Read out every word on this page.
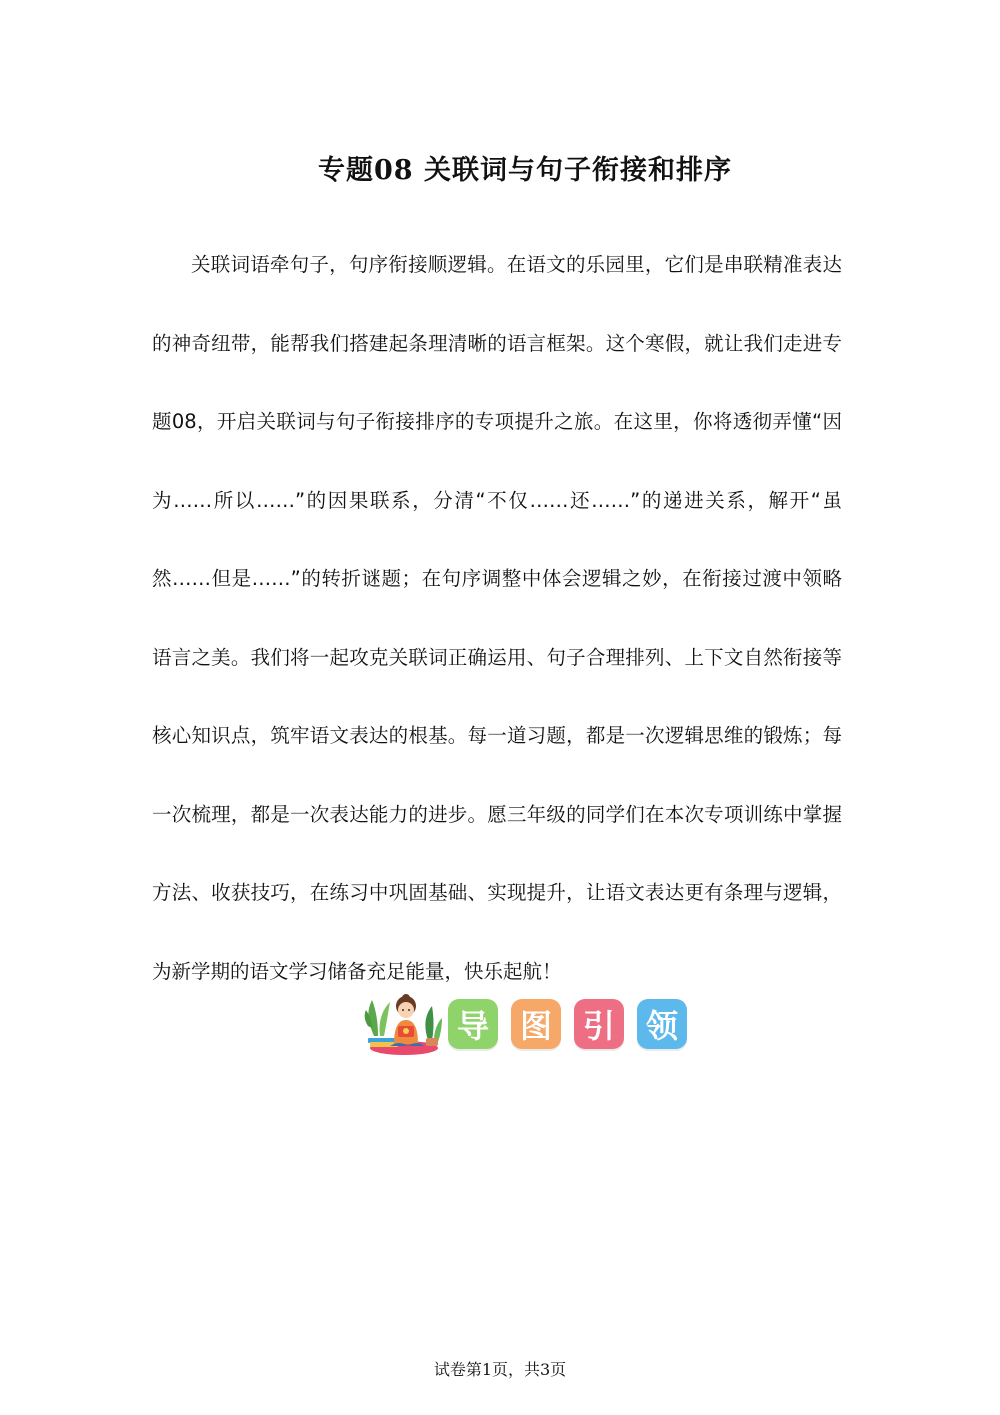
专题08 关联词与句子衔接和排序

关联词语牵句子，句序衔接顺逻辑。在语文的乐园里，它们是串联精准表达的神奇纽带，能帮我们搭建起条理清晰的语言框架。这个寒假，就让我们走进专题08，开启关联词与句子衔接排序的专项提升之旅。在这里，你将透彻弄懂“因为……所以……”的因果联系，分清“不仅……还……”的递进关系，解开“虽然……但是……”的转折谜题；在句序调整中体会逻辑之妙，在衔接过渡中领略语言之美。我们将一起攻克关联词正确运用、句子合理排列、上下文自然衔接等核心知识点，筑牢语文表达的根基。每一道习题，都是一次逻辑思维的锻炼；每一次梳理，都是一次表达能力的进步。愿三年级的同学们在本次专项训练中掌握方法、收获技巧，在练习中巩固基础、实现提升，让语文表达更有条理与逻辑，为新学期的语文学习储备充足能量，快乐起航！

导 图 引 领
试卷第1页，共3页
